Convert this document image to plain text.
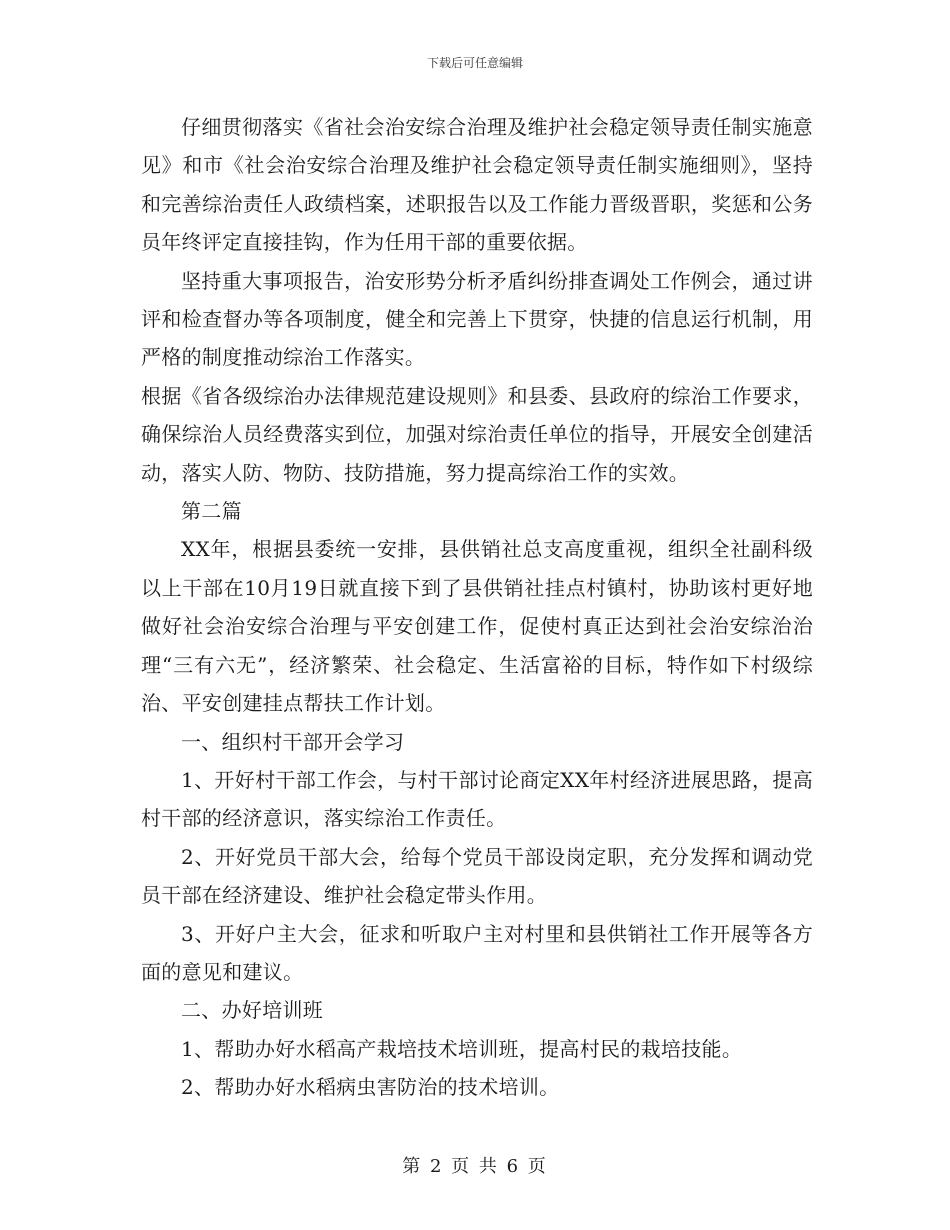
下载后可任意编辑

仔细贯彻落实《省社会治安综合治理及维护社会稳定领导责任制实施意见》和市《社会治安综合治理及维护社会稳定领导责任制实施细则》，坚持和完善综治责任人政绩档案，述职报告以及工作能力晋级晋职，奖惩和公务员年终评定直接挂钩，作为任用干部的重要依据。

坚持重大事项报告，治安形势分析矛盾纠纷排查调处工作例会，通过讲评和检查督办等各项制度，健全和完善上下贯穿，快捷的信息运行机制，用严格的制度推动综治工作落实。

根据《省各级综治办法律规范建设规则》和县委、县政府的综治工作要求，确保综治人员经费落实到位，加强对综治责任单位的指导，开展安全创建活动，落实人防、物防、技防措施，努力提高综治工作的实效。

第二篇

XX年，根据县委统一安排，县供销社总支高度重视，组织全社副科级以上干部在10月19日就直接下到了县供销社挂点村镇村，协助该村更好地做好社会治安综合治理与平安创建工作，促使村真正达到社会治安综治治理“三有六无”，经济繁荣、社会稳定、生活富裕的目标，特作如下村级综治、平安创建挂点帮扶工作计划。

一、组织村干部开会学习

1、开好村干部工作会，与村干部讨论商定XX年村经济进展思路，提高村干部的经济意识，落实综治工作责任。

2、开好党员干部大会，给每个党员干部设岗定职，充分发挥和调动党员干部在经济建设、维护社会稳定带头作用。

3、开好户主大会，征求和听取户主对村里和县供销社工作开展等各方面的意见和建议。

二、办好培训班

1、帮助办好水稻高产栽培技术培训班，提高村民的栽培技能。

2、帮助办好水稻病虫害防治的技术培训。

第 2 页 共 6 页
